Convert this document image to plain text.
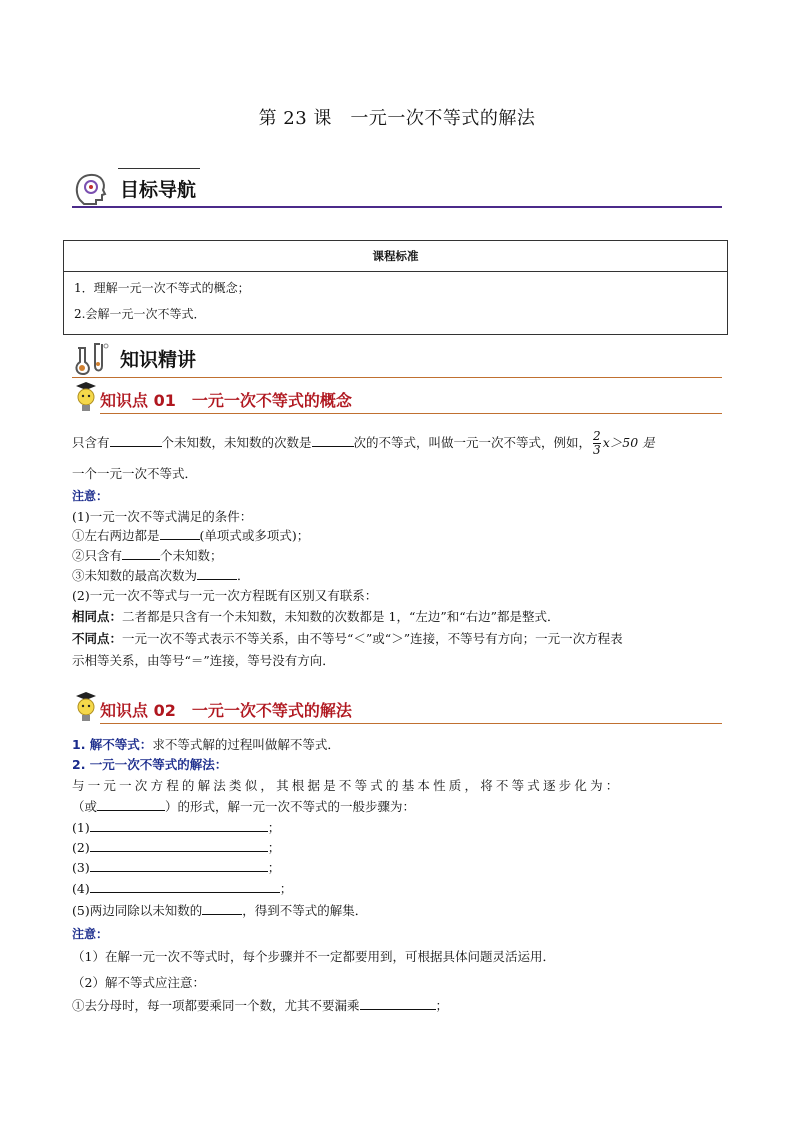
第 23 课　一元一次不等式的解法
目标导航
课程标准
1．理解一元一次不等式的概念；
2.会解一元一次不等式．
知识精讲
知识点 01　一元一次不等式的概念
只含有	个未知数，未知数的次数是	次的不等式，叫做一元一次不等式，例如， $\frac{2}{3} x>50$ 是
一个一元一次不等式．
注意：
(1)一元一次不等式满足的条件：
①左右两边都是	(单项式或多项式)；
②只含有	个未知数；
③未知数的最高次数为	．
(2)一元一次不等式与一元一次方程既有区别又有联系：
相同点：二者都是只含有一个未知数，未知数的次数都是 1，“左边”和“右边”都是整式．
不同点：一元一次不等式表示不等关系，由不等号“＜”或“＞”连接，不等号有方向；一元一次方程表
示相等关系，由等号“＝”连接，等号没有方向．
知识点 02　一元一次不等式的解法
1. 解不等式：求不等式解的过程叫做解不等式．
2. 一元一次不等式的解法：
与一元一次方程的解法类似，其根据是不等式的基本性质，将不等式逐步化为：
（或	）的形式，解一元一次不等式的一般步骤为：
(1)	；
(2)	；
(3)	；
(4)	；
(5)两边同除以未知数的	，得到不等式的解集．
注意：
（1）在解一元一次不等式时，每个步骤并不一定都要用到，可根据具体问题灵活运用．
（2）解不等式应注意：
①去分母时，每一项都要乘同一个数，尤其不要漏乘	；
